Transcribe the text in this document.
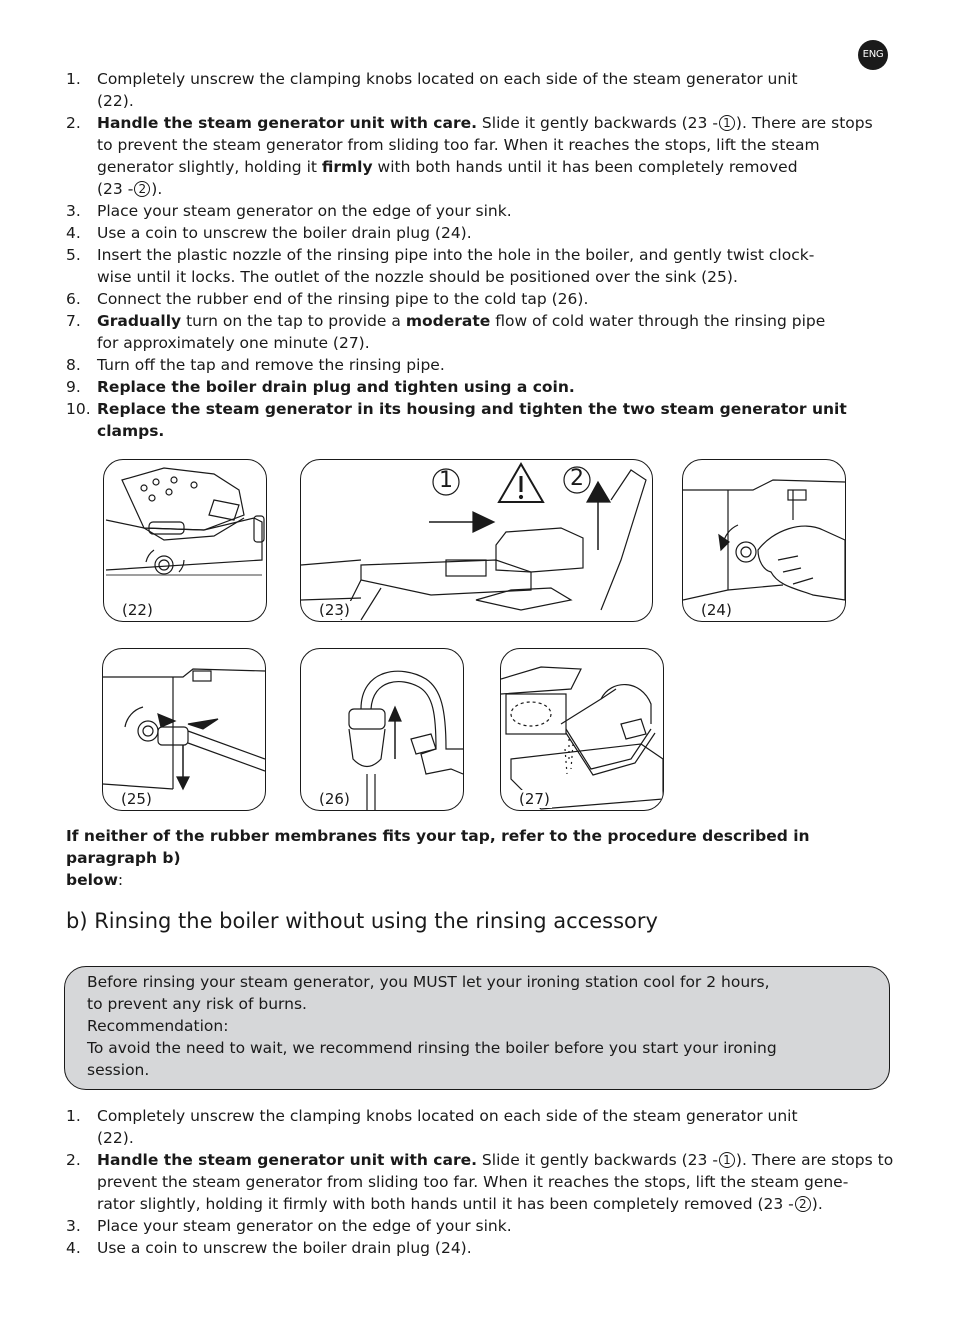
ENG
1. Completely unscrew the clamping knobs located on each side of the steam generator unit
(22).
2. Handle the steam generator unit with care. Slide it gently backwards (23 - 1 ). There are stops
to prevent the steam generator from sliding too far. When it reaches the stops, lift the steam
generator slightly, holding it firmly with both hands until it has been completely removed
(23 - 2 ).
3. Place your steam generator on the edge of your sink.
4. Use a coin to unscrew the boiler drain plug (24).
5. Insert the plastic nozzle of the rinsing pipe into the hole in the boiler, and gently twist clock-
wise until it locks. The outlet of the nozzle should be positioned over the sink (25).
6. Connect the rubber end of the rinsing pipe to the cold tap (26).
7. Gradually turn on the tap to provide a moderate flow of cold water through the rinsing pipe
for approximately one minute (27).
8. Turn off the tap and remove the rinsing pipe.
9. Replace the boiler drain plug and tighten using a coin.
10. Replace the steam generator in its housing and tighten the two steam generator unit clamps.
(22)
1	2
(23)	(24)
(25)	(26)	(27)
If neither of the rubber membranes fits your tap, refer to the procedure described in paragraph b)
below:
b) Rinsing the boiler without using the rinsing accessory
Before rinsing your steam generator, you MUST let your ironing station cool for 2 hours,
to prevent any risk of burns.
Recommendation:
To avoid the need to wait, we recommend rinsing the boiler before you start your ironing
session.
1. Completely unscrew the clamping knobs located on each side of the steam generator unit
(22).
2. Handle the steam generator unit with care. Slide it gently backwards (23 - 1 ). There are stops to
prevent the steam generator from sliding too far. When it reaches the stops, lift the steam gene-
rator slightly, holding it firmly with both hands until it has been completely removed (23 - 2 ).
3. Place your steam generator on the edge of your sink.
4. Use a coin to unscrew the boiler drain plug (24).
